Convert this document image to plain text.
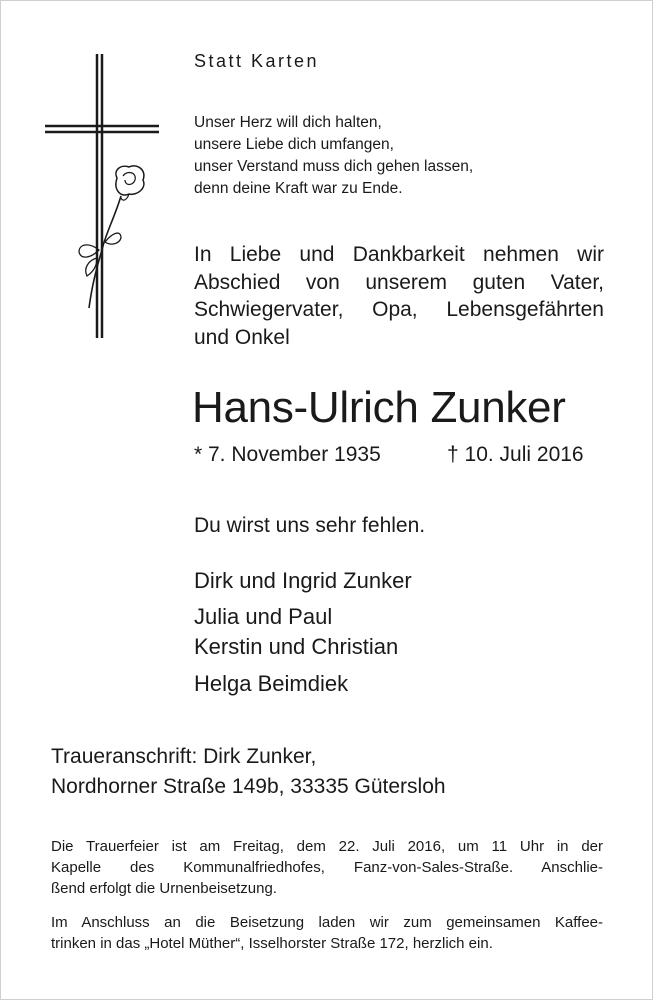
Statt Karten

Unser Herz will dich halten,
unsere Liebe dich umfangen,
unser Verstand muss dich gehen lassen,
denn deine Kraft war zu Ende.
In Liebe und Dankbarkeit nehmen wir
Abschied von unserem guten Vater,
Schwiegervater, Opa, Lebensgefährten
und Onkel

Hans-Ulrich Zunker

* 7. November 1935	† 10. Juli 2016

Du wirst uns sehr fehlen.

Dirk und Ingrid Zunker

Julia und Paul

Kerstin und Christian

Helga Beimdiek

Traueranschrift: Dirk Zunker,

Nordhorner Straße 149b, 33335 Gütersloh

Die Trauerfeier ist am Freitag, dem 22. Juli 2016, um 11 Uhr in der
Kapelle des Kommunalfriedhofes, Fanz-von-Sales-Straße. Anschlie-
ßend erfolgt die Urnenbeisetzung.
Im Anschluss an die Beisetzung laden wir zum gemeinsamen Kaffee-
trinken in das „Hotel Müther“, Isselhorster Straße 172, herzlich ein.
